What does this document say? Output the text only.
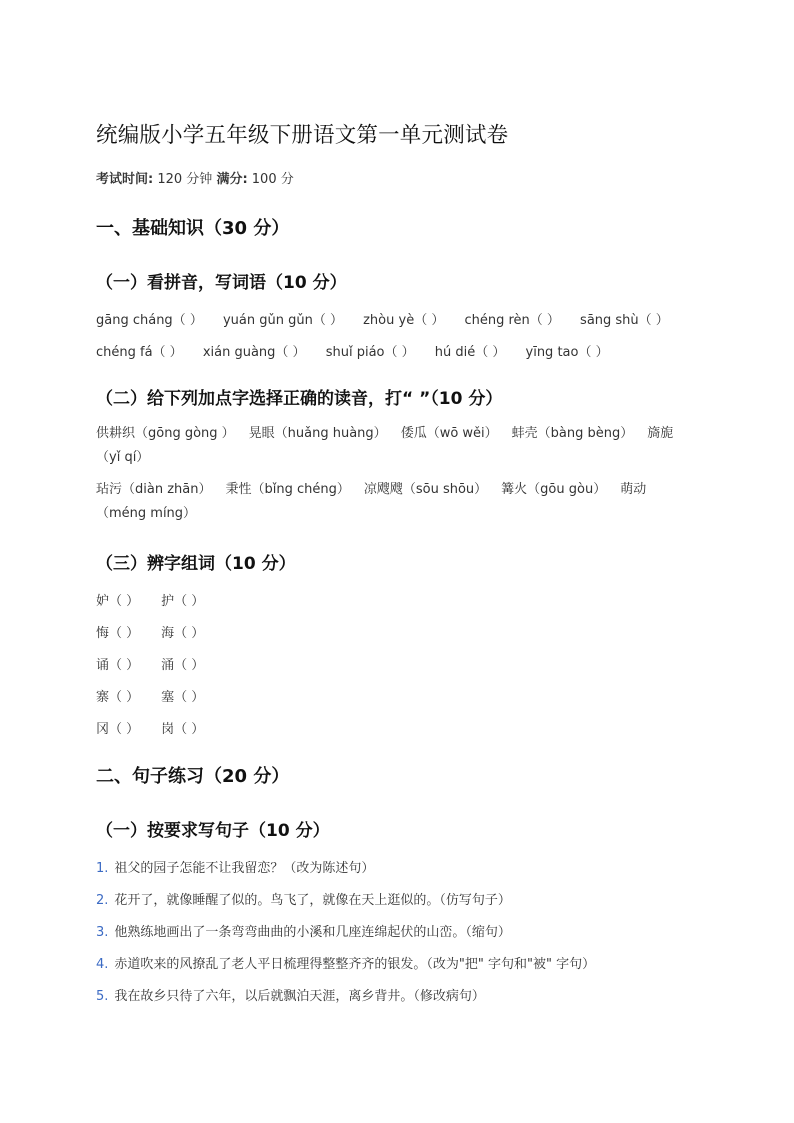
统编版小学五年级下册语文第一单元测试卷
考试时间: 120 分钟 满分: 100 分
一、基础知识（30 分）
（一）看拼音，写词语（10 分）
gāng cháng（ ） yuán gǔn gǔn（ ） zhòu yè（ ） chéng rèn（ ） sāng shù（ ）
chéng fá（ ） xián guàng（ ） shuǐ piáo（ ） hú dié（ ） yīng tao（ ）
（二）给下列加点字选择正确的读音，打“ ”（10 分）
供耕织（gōng gòng ） 晃眼（huǎng huàng） 倭瓜（wō wěi） 蚌壳（bàng bèng） 旖旎（yǐ qí）
玷污（diàn zhān） 秉性（bǐng chéng） 凉飕飕（sōu shōu） 篝火（gōu gòu） 萌动（méng míng）
（三）辨字组词（10 分）
妒（ ） 护（ ）
悔（ ） 海（ ）
诵（ ） 涌（ ）
寨（ ） 塞（ ）
冈（ ） 岗（ ）
二、句子练习（20 分）
（一）按要求写句子（10 分）
1. 祖父的园子怎能不让我留恋？（改为陈述句）
2. 花开了，就像睡醒了似的。鸟飞了，就像在天上逛似的。（仿写句子）
3. 他熟练地画出了一条弯弯曲曲的小溪和几座连绵起伏的山峦。（缩句）
4. 赤道吹来的风撩乱了老人平日梳理得整整齐齐的银发。（改为"把" 字句和"被" 字句）
5. 我在故乡只待了六年，以后就飘泊天涯，离乡背井。（修改病句）
